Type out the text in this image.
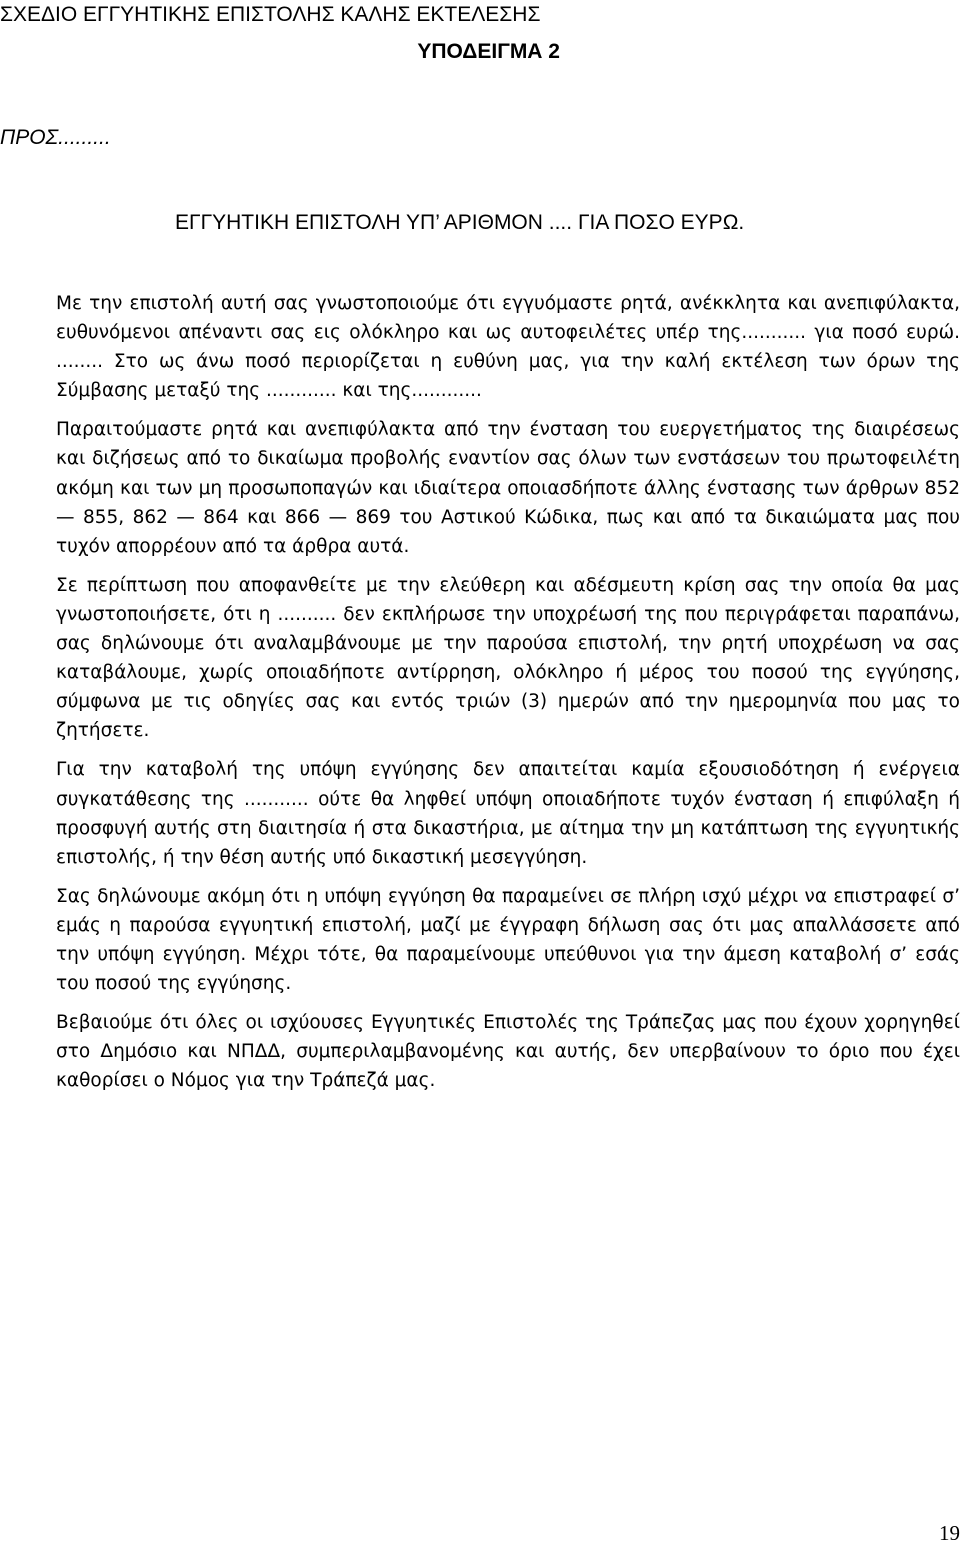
ΣΧΕΔΙΟ ΕΓΓΥΗΤΙΚΗΣ ΕΠΙΣΤΟΛΗΣ ΚΑΛΗΣ ΕΚΤΕΛΕΣΗΣ
ΥΠΟΔΕΙΓΜΑ 2
ΠΡΟΣ.........
ΕΓΓΥΗΤΙΚΗ ΕΠΙΣΤΟΛΗ ΥΠ’ ΑΡΙΘΜΟΝ .... ΓΙΑ ΠΟΣΟ ΕΥΡΩ.

Με την επιστολή αυτή σας γνωστοποιούμε ότι εγγυόμαστε ρητά, ανέκκλητα και ανεπιφύλακτα, ευθυνόμενοι απέναντι σας εις ολόκληρο και ως αυτοφειλέτες υπέρ της........... για ποσό ευρώ. ........ Στο ως άνω ποσό περιορίζεται η ευθύνη μας, για την καλή εκτέλεση των όρων της Σύμβασης μεταξύ της ............ και της............

Παραιτούμαστε ρητά και ανεπιφύλακτα από την ένσταση του ευεργετήματος της διαιρέσεως και διζήσεως από το δικαίωμα προβολής εναντίον σας όλων των ενστάσεων του πρωτοφειλέτη ακόμη και των μη προσωποπαγών και ιδιαίτερα οποιασδήποτε άλλης ένστασης των άρθρων 852 — 855, 862 — 864 και 866 — 869 του Αστικού Κώδικα, πως και από τα δικαιώματα μας που τυχόν απορρέουν από τα άρθρα αυτά.

Σε περίπτωση που αποφανθείτε με την ελεύθερη και αδέσμευτη κρίση σας την οποία θα μας γνωστοποιήσετε, ότι η .......... δεν εκπλήρωσε την υποχρέωσή της που περιγράφεται παραπάνω, σας δηλώνουμε ότι αναλαμβάνουμε με την παρούσα επιστολή, την ρητή υποχρέωση να σας καταβάλουμε, χωρίς οποιαδήποτε αντίρρηση, ολόκληρο ή μέρος του ποσού της εγγύησης, σύμφωνα με τις οδηγίες σας και εντός τριών (3) ημερών από την ημερομηνία που μας το ζητήσετε.

Για την καταβολή της υπόψη εγγύησης δεν απαιτείται καμία εξουσιοδότηση ή ενέργεια συγκατάθεσης της ........... ούτε θα ληφθεί υπόψη οποιαδήποτε τυχόν ένσταση ή επιφύλαξη ή προσφυγή αυτής στη διαιτησία ή στα δικαστήρια, με αίτημα την μη κατάπτωση της εγγυητικής επιστολής, ή την θέση αυτής υπό δικαστική μεσεγγύηση.

Σας δηλώνουμε ακόμη ότι η υπόψη εγγύηση θα παραμείνει σε πλήρη ισχύ μέχρι να επιστραφεί σ’ εμάς η παρούσα εγγυητική επιστολή, μαζί με έγγραφη δήλωση σας ότι μας απαλλάσσετε από την υπόψη εγγύηση. Μέχρι τότε, θα παραμείνουμε υπεύθυνοι για την άμεση καταβολή σ’ εσάς του ποσού της εγγύησης.

Βεβαιούμε ότι όλες οι ισχύουσες Εγγυητικές Επιστολές της Τράπεζας μας που έχουν χορηγηθεί στο Δημόσιο και ΝΠΔΔ, συμπεριλαμβανομένης και αυτής, δεν υπερβαίνουν το όριο που έχει καθορίσει ο Νόμος για την Τράπεζά μας.

19
